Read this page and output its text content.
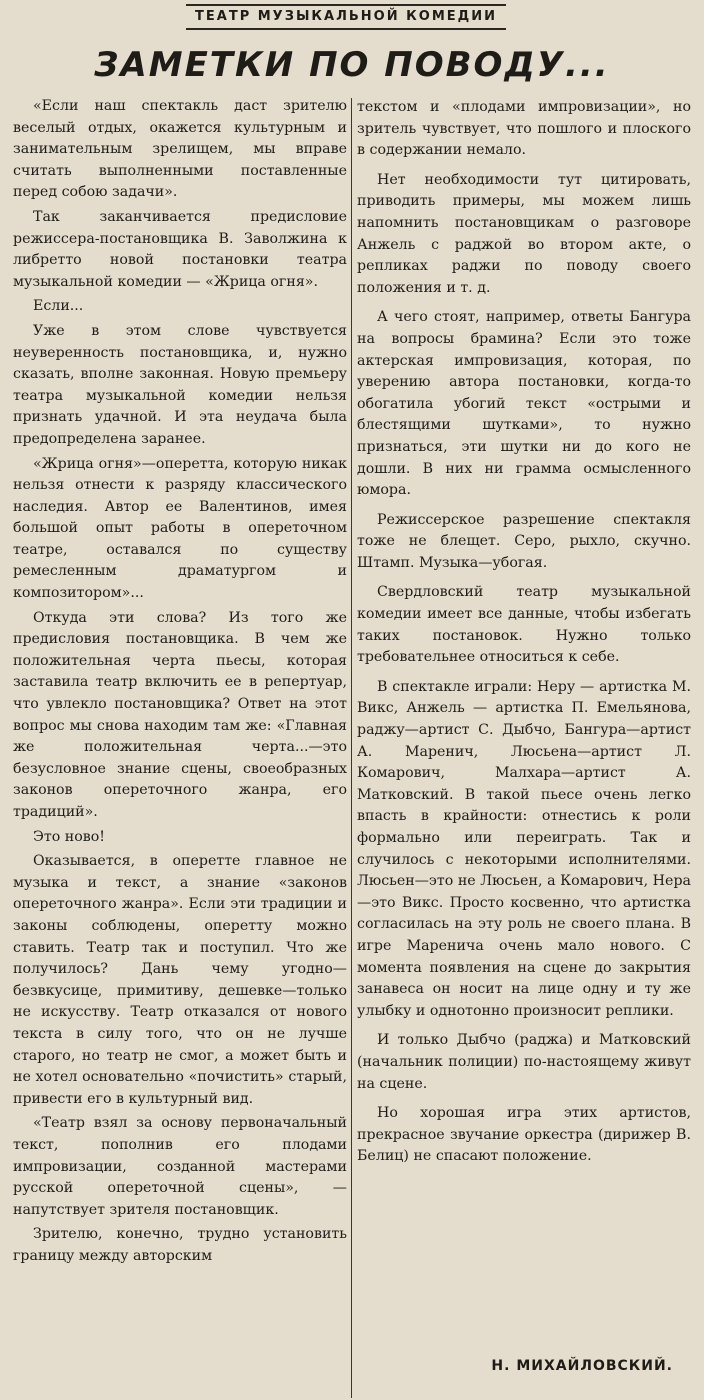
ТЕАТР МУЗЫКАЛЬНОЙ КОМЕДИИ
ЗАМЕТКИ ПО ПОВОДУ...

«Если наш спектакль даст зрителю веселый отдых, окажется культурным и занимательным зрелищем, мы вправе считать выполненными поставленные перед собою задачи».

Так заканчивается предисловие режиссера-постановщика В. Заволжина к либретто новой постановки театра музыкальной комедии — «Жрица огня».

Если...

Уже в этом слове чувствуется неуверенность постановщика, и, нужно сказать, вполне законная. Новую премьеру театра музыкальной комедии нельзя признать удачной. И эта неудача была предопределена заранее.

«Жрица огня»—оперетта, которую никак нельзя отнести к разряду классического наследия. Автор ее Валентинов, имея большой опыт работы в опереточном театре, оставался по существу ремесленным драматургом и композитором»...

Откуда эти слова? Из того же предисловия постановщика. В чем же положительная черта пьесы, которая заставила театр включить ее в репертуар, что увлекло постановщика? Ответ на этот вопрос мы снова находим там же: «Главная же положительная черта...—это безусловное знание сцены, своеобразных законов опереточного жанра, его традиций».

Это ново!

Оказывается, в оперетте главное не музыка и текст, а знание «законов опереточного жанра». Если эти традиции и законы соблюдены, оперетту можно ставить. Театр так и поступил. Что же получилось? Дань чему угодно—безвкусице, примитиву, дешевке—только не искусству. Театр отказался от нового текста в силу того, что он не лучше старого, но театр не смог, а может быть и не хотел основательно «почистить» старый, привести его в культурный вид.

«Театр взял за основу первоначальный текст, пополнив его плодами импровизации, созданной мастерами русской опереточной сцены», — напутствует зрителя постановщик.

Зрителю, конечно, трудно установить границу между авторским

текстом и «плодами импровизации», но зритель чувствует, что пошлого и плоского в содержании немало.

Нет необходимости тут цитировать, приводить примеры, мы можем лишь напомнить постановщикам о разговоре Анжель с раджой во втором акте, о репликах раджи по поводу своего положения и т. д.

А чего стоят, например, ответы Бангура на вопросы брамина? Если это тоже актерская импровизация, которая, по уверению автора постановки, когда-то обогатила убогий текст «острыми и блестящими шутками», то нужно признаться, эти шутки ни до кого не дошли. В них ни грамма осмысленного юмора.

Режиссерское разрешение спектакля тоже не блещет. Серо, рыхло, скучно. Штамп. Музыка—убогая.

Свердловский театр музыкальной комедии имеет все данные, чтобы избегать таких постановок. Нужно только требовательнее относиться к себе.

В спектакле играли: Неру — артистка М. Викс, Анжель — артистка П. Емельянова, раджу—артист С. Дыбчо, Бангура—артист А. Маренич, Люсьена—артист Л. Комарович, Малхара—артист А. Матковский. В такой пьесе очень легко впасть в крайности: отнестись к роли формально или переиграть. Так и случилось с некоторыми исполнителями. Люсьен—это не Люсьен, а Комарович, Нера—это Викс. Просто косвенно, что артистка согласилась на эту роль не своего плана. В игре Маренича очень мало нового. С момента появления на сцене до закрытия занавеса он носит на лице одну и ту же улыбку и однотонно произносит реплики.

И только Дыбчо (раджа) и Матковский (начальник полиции) по-настоящему живут на сцене.

Но хорошая игра этих артистов, прекрасное звучание оркестра (дирижер В. Белиц) не спасают положение.

Н. МИХАЙЛОВСКИЙ.
